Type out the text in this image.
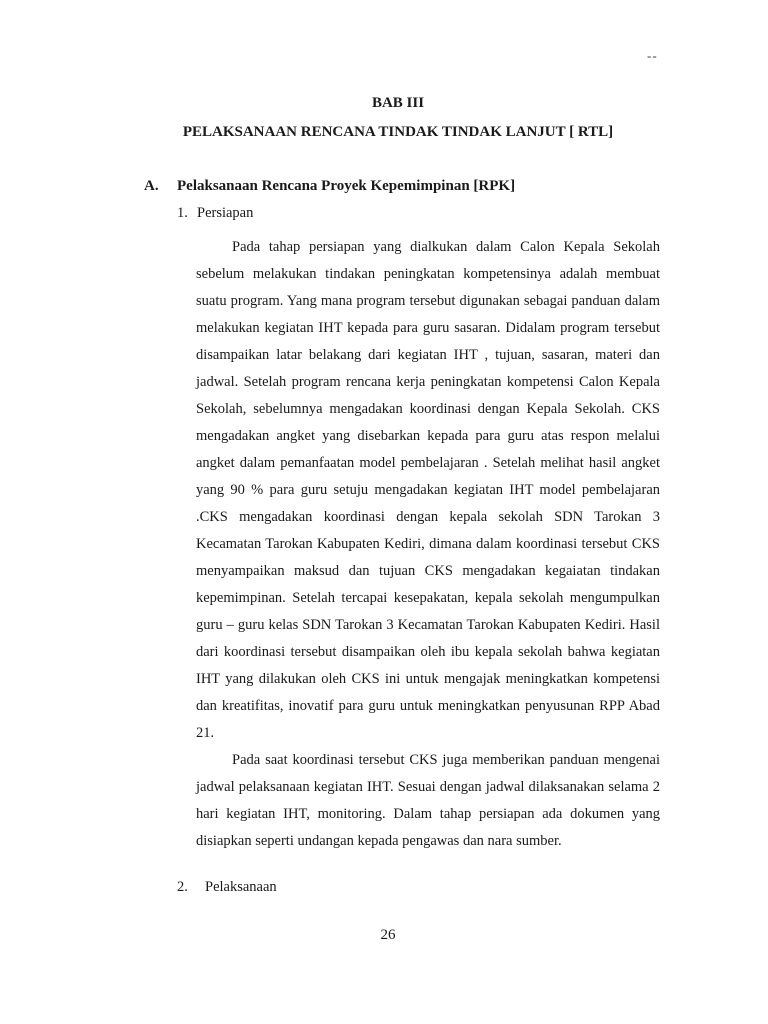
--
BAB III
PELAKSANAAN RENCANA TINDAK TINDAK LANJUT [ RTL]
A. Pelaksanaan Rencana Proyek Kepemimpinan [RPK]
1. Persiapan

Pada tahap persiapan yang dialkukan dalam Calon Kepala Sekolah sebelum melakukan tindakan peningkatan kompetensinya adalah membuat suatu program. Yang mana program tersebut digunakan sebagai panduan dalam melakukan kegiatan IHT kepada para guru sasaran. Didalam program tersebut disampaikan latar belakang dari kegiatan IHT , tujuan, sasaran, materi dan jadwal. Setelah program rencana kerja peningkatan kompetensi Calon Kepala Sekolah, sebelumnya mengadakan koordinasi dengan Kepala Sekolah. CKS mengadakan angket yang disebarkan kepada para guru atas respon melalui angket dalam pemanfaatan model pembelajaran . Setelah melihat hasil angket yang 90 % para guru setuju mengadakan kegiatan IHT model pembelajaran .CKS mengadakan koordinasi dengan kepala sekolah SDN Tarokan 3 Kecamatan Tarokan Kabupaten Kediri, dimana dalam koordinasi tersebut CKS menyampaikan maksud dan tujuan CKS mengadakan kegaiatan tindakan kepemimpinan. Setelah tercapai kesepakatan, kepala sekolah mengumpulkan guru – guru kelas SDN Tarokan 3 Kecamatan Tarokan Kabupaten Kediri. Hasil dari koordinasi tersebut disampaikan oleh ibu kepala sekolah bahwa kegiatan IHT yang dilakukan oleh CKS ini untuk mengajak meningkatkan kompetensi dan kreatifitas, inovatif para guru untuk meningkatkan penyusunan RPP Abad 21.

Pada saat koordinasi tersebut CKS juga memberikan panduan mengenai jadwal pelaksanaan kegiatan IHT. Sesuai dengan jadwal dilaksanakan selama 2 hari kegiatan IHT, monitoring. Dalam tahap persiapan ada dokumen yang disiapkan seperti undangan kepada pengawas dan nara sumber.

2. Pelaksanaan
26
